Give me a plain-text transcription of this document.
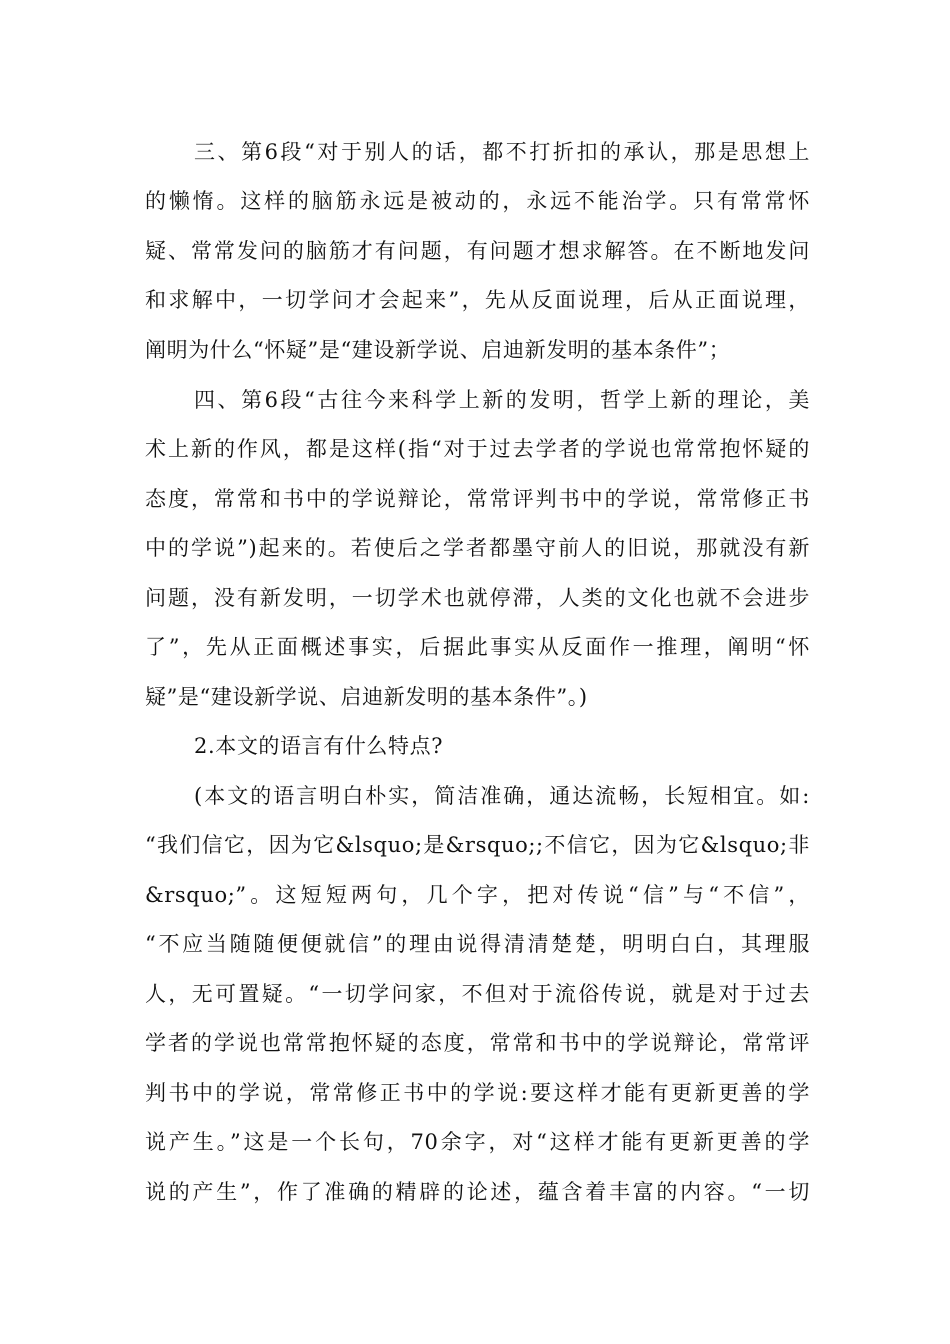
三、第6段“对于别人的话，都不打折扣的承认，那是思想上
的懒惰。这样的脑筋永远是被动的，永远不能治学。只有常常怀
疑、常常发问的脑筋才有问题，有问题才想求解答。在不断地发问
和求解中，一切学问才会起来”，先从反面说理，后从正面说理，
阐明为什么“怀疑”是“建设新学说、启迪新发明的基本条件”；
四、第6段“古往今来科学上新的发明，哲学上新的理论，美
术上新的作风，都是这样(指“对于过去学者的学说也常常抱怀疑的
态度，常常和书中的学说辩论，常常评判书中的学说，常常修正书
中的学说”)起来的。若使后之学者都墨守前人的旧说，那就没有新
问题，没有新发明，一切学术也就停滞，人类的文化也就不会进步
了”，先从正面概述事实，后据此事实从反面作一推理，阐明“怀
疑”是“建设新学说、启迪新发明的基本条件”。)
2.本文的语言有什么特点?
(本文的语言明白朴实，简洁准确，通达流畅，长短相宜。如:
“我们信它，因为它&lsquo;是&rsquo;;不信它，因为它&lsquo;非
&rsquo;”。这短短两句，几个字，把对传说“信”与“不信”，
“不应当随随便便就信”的理由说得清清楚楚，明明白白，其理服
人，无可置疑。“一切学问家，不但对于流俗传说，就是对于过去
学者的学说也常常抱怀疑的态度，常常和书中的学说辩论，常常评
判书中的学说，常常修正书中的学说:要这样才能有更新更善的学
说产生。”这是一个长句，70余字，对“这样才能有更新更善的学
说的产生”，作了准确的精辟的论述，蕴含着丰富的内容。“一切
